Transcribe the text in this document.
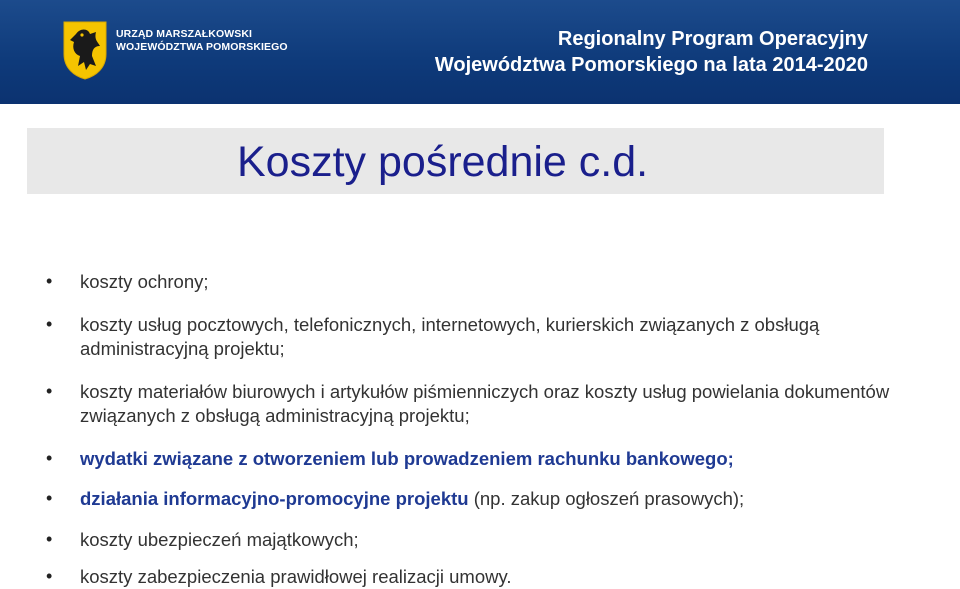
URZĄD MARSZAŁKOWSKI
WOJEWÓDZTWA POMORSKIEGO	Regionalny Program Operacyjny
Województwa Pomorskiego na lata 2014-2020
Koszty pośrednie c.d.
• koszty ochrony;
• koszty usług pocztowych, telefonicznych, internetowych, kurierskich związanych z obsługą administracyjną projektu;
• koszty materiałów biurowych i artykułów piśmienniczych oraz koszty usług powielania dokumentów związanych z obsługą administracyjną projektu;
• wydatki związane z otworzeniem lub prowadzeniem rachunku bankowego;
• działania informacyjno-promocyjne projektu (np. zakup ogłoszeń prasowych);
• koszty ubezpieczeń majątkowych;
• koszty zabezpieczenia prawidłowej realizacji umowy.
